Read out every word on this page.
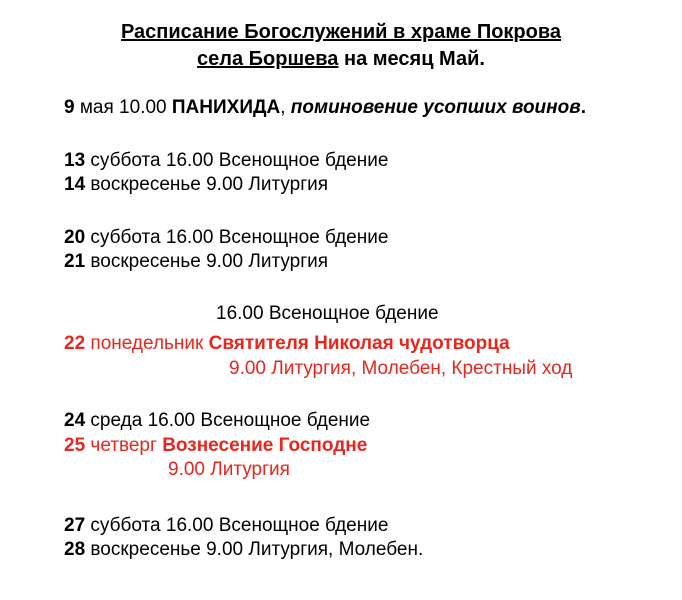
Расписание Богослужений в храме Покрова
села Боршева на месяц Май.
9 мая 10.00 ПАНИХИДА, поминовение усопших воинов.
13 суббота 16.00 Всенощное бдение
14 воскресенье 9.00 Литургия
20 суббота 16.00 Всенощное бдение
21 воскресенье 9.00 Литургия
16.00 Всенощное бдение
22 понедельник Святителя Николая чудотворца
9.00 Литургия, Молебен, Крестный ход
24 среда 16.00 Всенощное бдение
25 четверг Вознесение Господне
9.00 Литургия
27 суббота 16.00 Всенощное бдение
28 воскресенье 9.00 Литургия, Молебен.
